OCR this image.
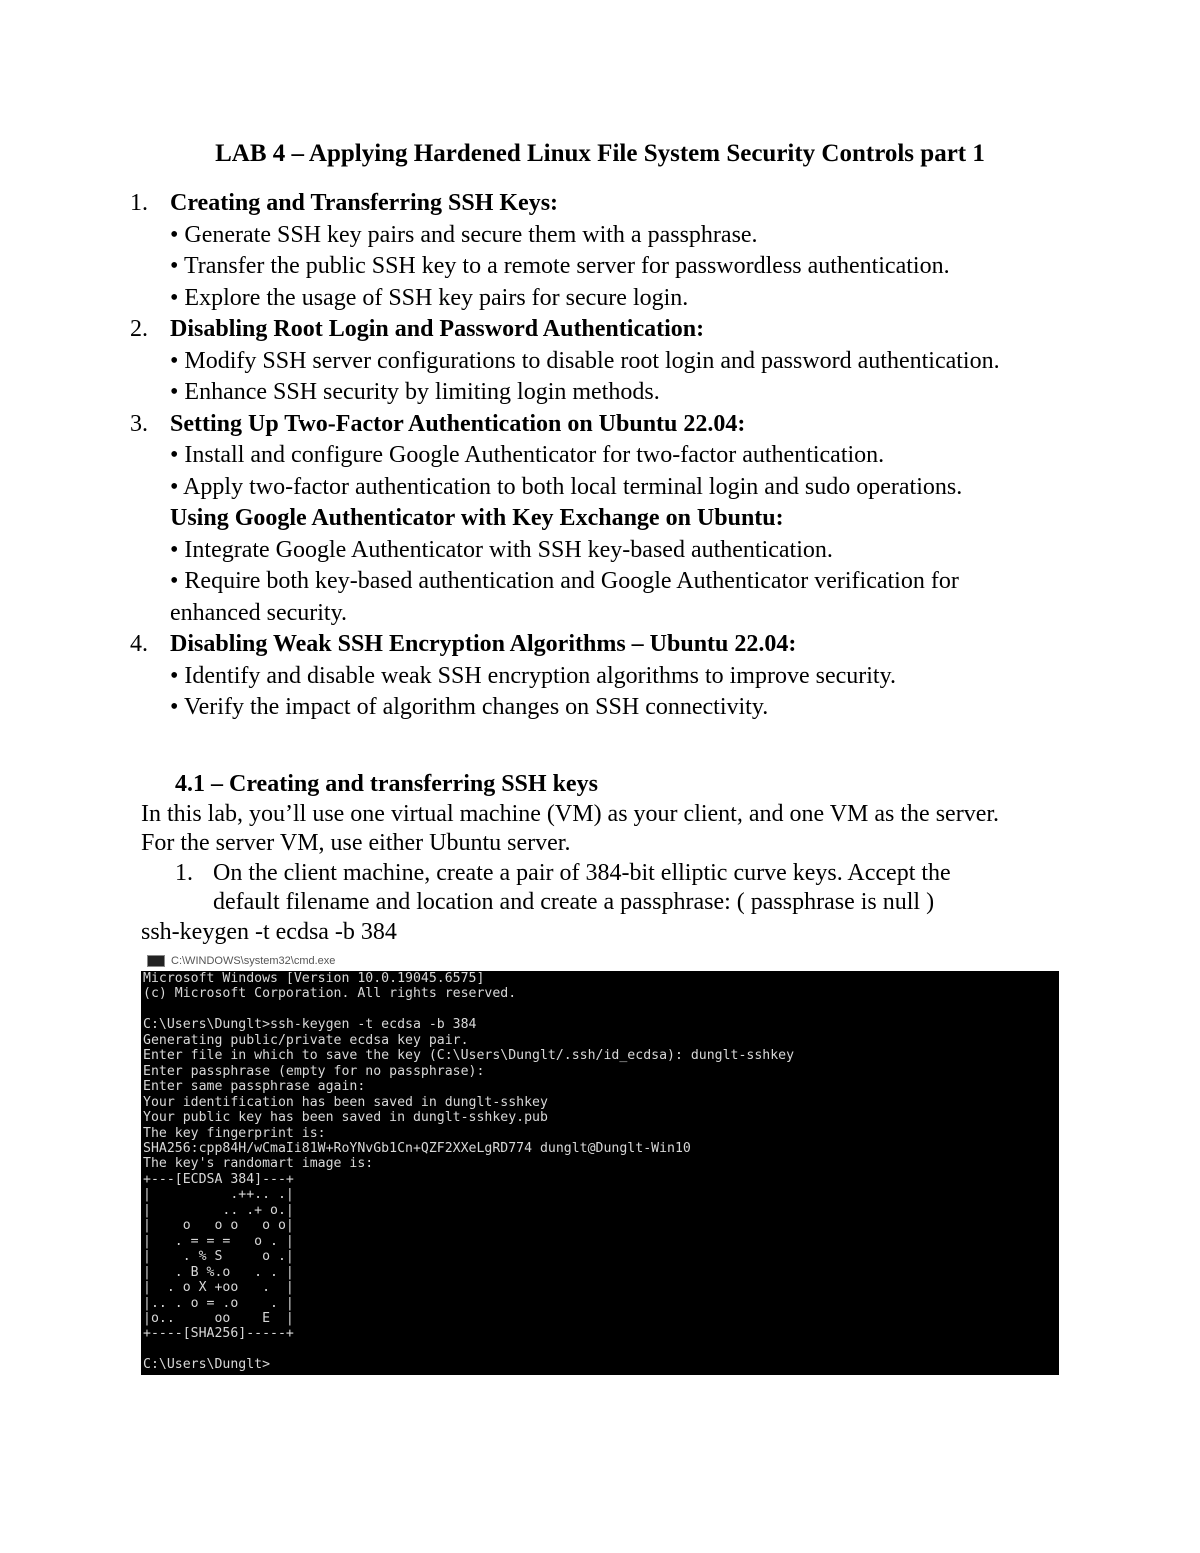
LAB 4 – Applying Hardened Linux File System Security Controls part 1
1. Creating and Transferring SSH Keys:
• Generate SSH key pairs and secure them with a passphrase.
• Transfer the public SSH key to a remote server for passwordless authentication.
• Explore the usage of SSH key pairs for secure login.
2. Disabling Root Login and Password Authentication:
• Modify SSH server configurations to disable root login and password authentication.
• Enhance SSH security by limiting login methods.
3. Setting Up Two-Factor Authentication on Ubuntu 22.04:
• Install and configure Google Authenticator for two-factor authentication.
• Apply two-factor authentication to both local terminal login and sudo operations.
Using Google Authenticator with Key Exchange on Ubuntu:
• Integrate Google Authenticator with SSH key-based authentication.
• Require both key-based authentication and Google Authenticator verification for enhanced security.
4. Disabling Weak SSH Encryption Algorithms – Ubuntu 22.04:
• Identify and disable weak SSH encryption algorithms to improve security.
• Verify the impact of algorithm changes on SSH connectivity.
4.1 – Creating and transferring SSH keys
In this lab, you’ll use one virtual machine (VM) as your client, and one VM as the server.
For the server VM, use either Ubuntu server.
1. On the client machine, create a pair of 384-bit elliptic curve keys. Accept the default filename and location and create a passphrase: ( passphrase is null )
ssh-keygen -t ecdsa -b 384
C:\WINDOWS\system32\cmd.exe
Microsoft Windows [Version 10.0.19045.6575]
(c) Microsoft Corporation. All rights reserved.

C:\Users\Dunglt>ssh-keygen -t ecdsa -b 384
Generating public/private ecdsa key pair.
Enter file in which to save the key (C:\Users\Dunglt/.ssh/id_ecdsa): dunglt-sshkey
Enter passphrase (empty for no passphrase):
Enter same passphrase again:
Your identification has been saved in dunglt-sshkey
Your public key has been saved in dunglt-sshkey.pub
The key fingerprint is:
SHA256:cpp84H/wCmaIi81W+RoYNvGb1Cn+QZF2XXeLgRD774 dunglt@Dunglt-Win10
The key's randomart image is:
+---[ECDSA 384]---+
|          .++.. .|
|         .. .+ o.|
|    o   o o   o o|
|   . = = =   o . |
|    . % S     o .|
|   . B %.o   . . |
|  . o X +oo   .  |
|.. . o = .o    . |
|o..     oo    E  |
+----[SHA256]-----+

C:\Users\Dunglt>
